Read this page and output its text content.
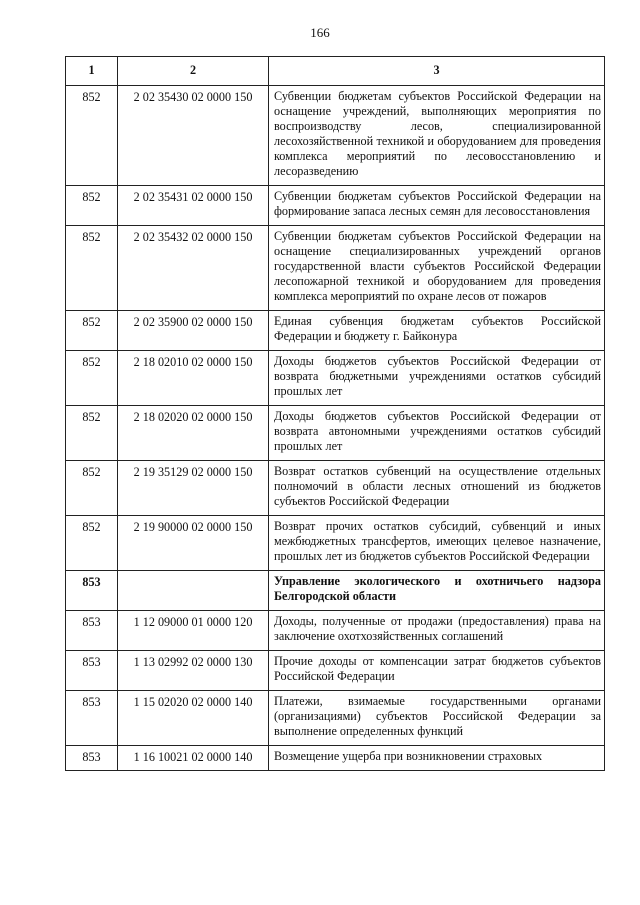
166
1	2	3
852	2 02 35430 02 0000 150	Субвенции бюджетам субъектов Российской Федерации на оснащение учреждений, выполняющих мероприятия по воспроизводству лесов, специализированной лесохозяйственной техникой и оборудованием для проведения комплекса мероприятий по лесовосстановлению и лесоразведению
852	2 02 35431 02 0000 150	Субвенции бюджетам субъектов Российской Федерации на формирование запаса лесных семян для лесовосстановления
852	2 02 35432 02 0000 150	Субвенции бюджетам субъектов Российской Федерации на оснащение специализированных учреждений органов государственной власти субъектов Российской Федерации лесопожарной техникой и оборудованием для проведения комплекса мероприятий по охране лесов от пожаров
852	2 02 35900 02 0000 150	Единая субвенция бюджетам субъектов Российской Федерации и бюджету г. Байконура
852	2 18 02010 02 0000 150	Доходы бюджетов субъектов Российской Федерации от возврата бюджетными учреждениями остатков субсидий прошлых лет
852	2 18 02020 02 0000 150	Доходы бюджетов субъектов Российской Федерации от возврата автономными учреждениями остатков субсидий прошлых лет
852	2 19 35129 02 0000 150	Возврат остатков субвенций на осуществление отдельных полномочий в области лесных отношений из бюджетов субъектов Российской Федерации
852	2 19 90000 02 0000 150	Возврат прочих остатков субсидий, субвенций и иных межбюджетных трансфертов, имеющих целевое назначение, прошлых лет из бюджетов субъектов Российской Федерации
853		Управление экологического и охотничьего надзора Белгородской области
853	1 12 09000 01 0000 120	Доходы, полученные от продажи (предоставления) права на заключение охотхозяйственных соглашений
853	1 13 02992 02 0000 130	Прочие доходы от компенсации затрат бюджетов субъектов Российской Федерации
853	1 15 02020 02 0000 140	Платежи, взимаемые государственными органами (организациями) субъектов Российской Федерации за выполнение определенных функций
853	1 16 10021 02 0000 140	Возмещение ущерба при возникновении страховых
